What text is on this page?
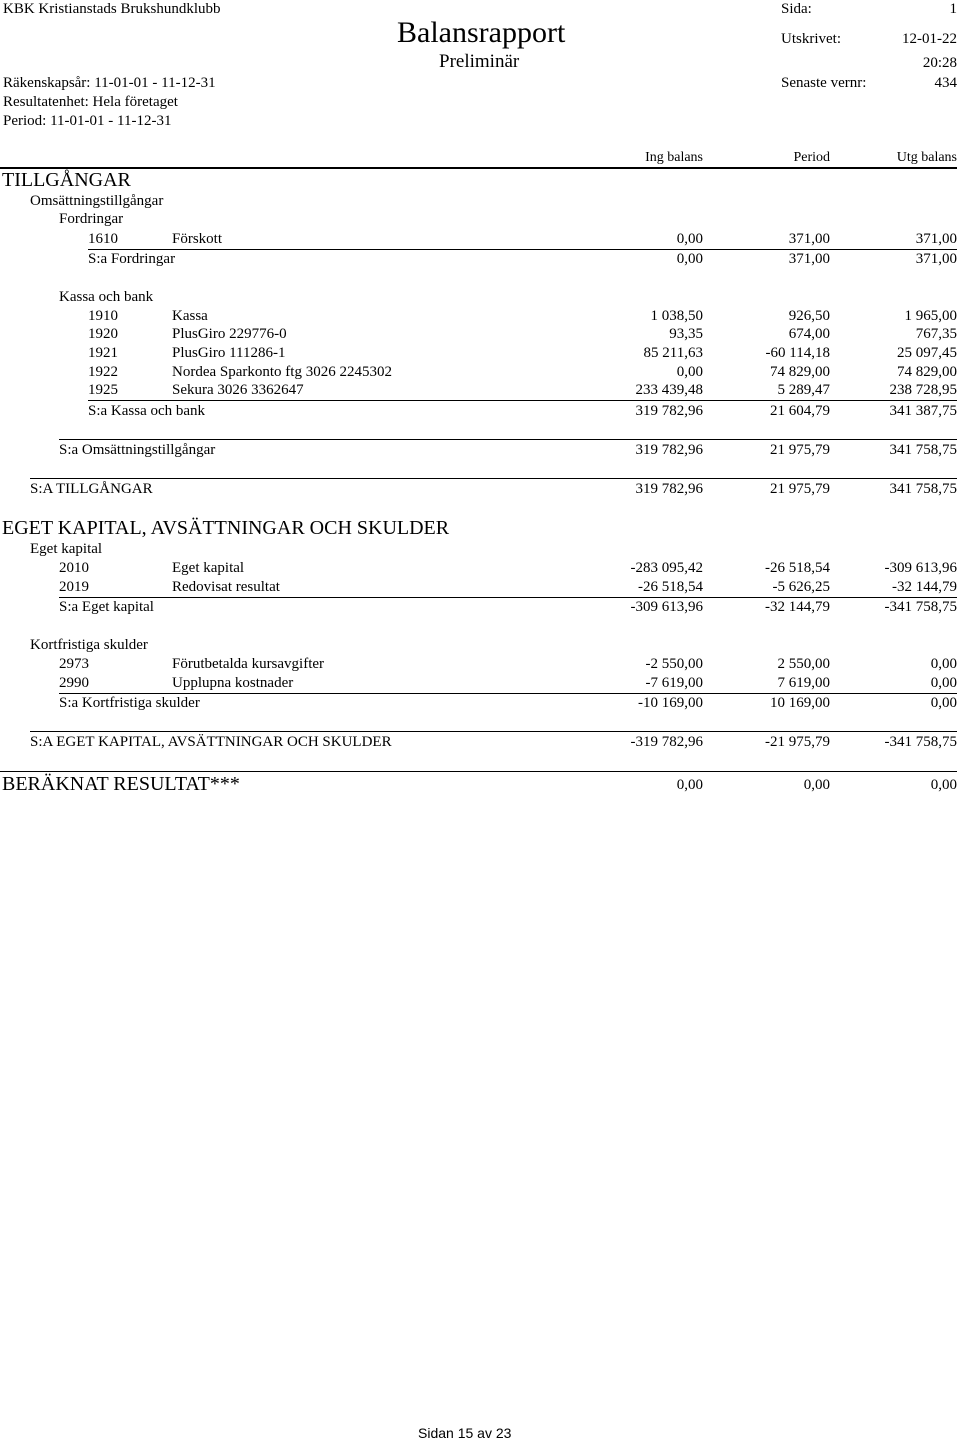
KBK Kristianstads Brukshundklubb
Balansrapport
Preliminär
Sida:	1
Utskrivet:	12-01-22
20:28
Räkenskapsår: 11-01-01 - 11-12-31	Senaste vernr:	434
Resultatenhet: Hela företaget
Period: 11-01-01 - 11-12-31
Ing balans	Period	Utg balans
TILLGÅNGAR
Omsättningstillgångar
Fordringar
1610	Förskott	0,00	371,00	371,00
S:a Fordringar	0,00	371,00	371,00
Kassa och bank
1910	Kassa	1 038,50	926,50	1 965,00
1920	PlusGiro 229776-0	93,35	674,00	767,35
1921	PlusGiro 111286-1	85 211,63	-60 114,18	25 097,45
1922	Nordea Sparkonto ftg 3026 2245302	0,00	74 829,00	74 829,00
1925	Sekura 3026 3362647	233 439,48	5 289,47	238 728,95
S:a Kassa och bank	319 782,96	21 604,79	341 387,75
S:a Omsättningstillgångar	319 782,96	21 975,79	341 758,75
S:A TILLGÅNGAR	319 782,96	21 975,79	341 758,75
EGET KAPITAL, AVSÄTTNINGAR OCH SKULDER
Eget kapital
2010	Eget kapital	-283 095,42	-26 518,54	-309 613,96
2019	Redovisat resultat	-26 518,54	-5 626,25	-32 144,79
S:a Eget kapital	-309 613,96	-32 144,79	-341 758,75
Kortfristiga skulder
2973	Förutbetalda kursavgifter	-2 550,00	2 550,00	0,00
2990	Upplupna kostnader	-7 619,00	7 619,00	0,00
S:a Kortfristiga skulder	-10 169,00	10 169,00	0,00
S:A EGET KAPITAL, AVSÄTTNINGAR OCH SKULDER	-319 782,96	-21 975,79	-341 758,75
BERÄKNAT RESULTAT***	0,00	0,00	0,00
Sidan 15 av 23
